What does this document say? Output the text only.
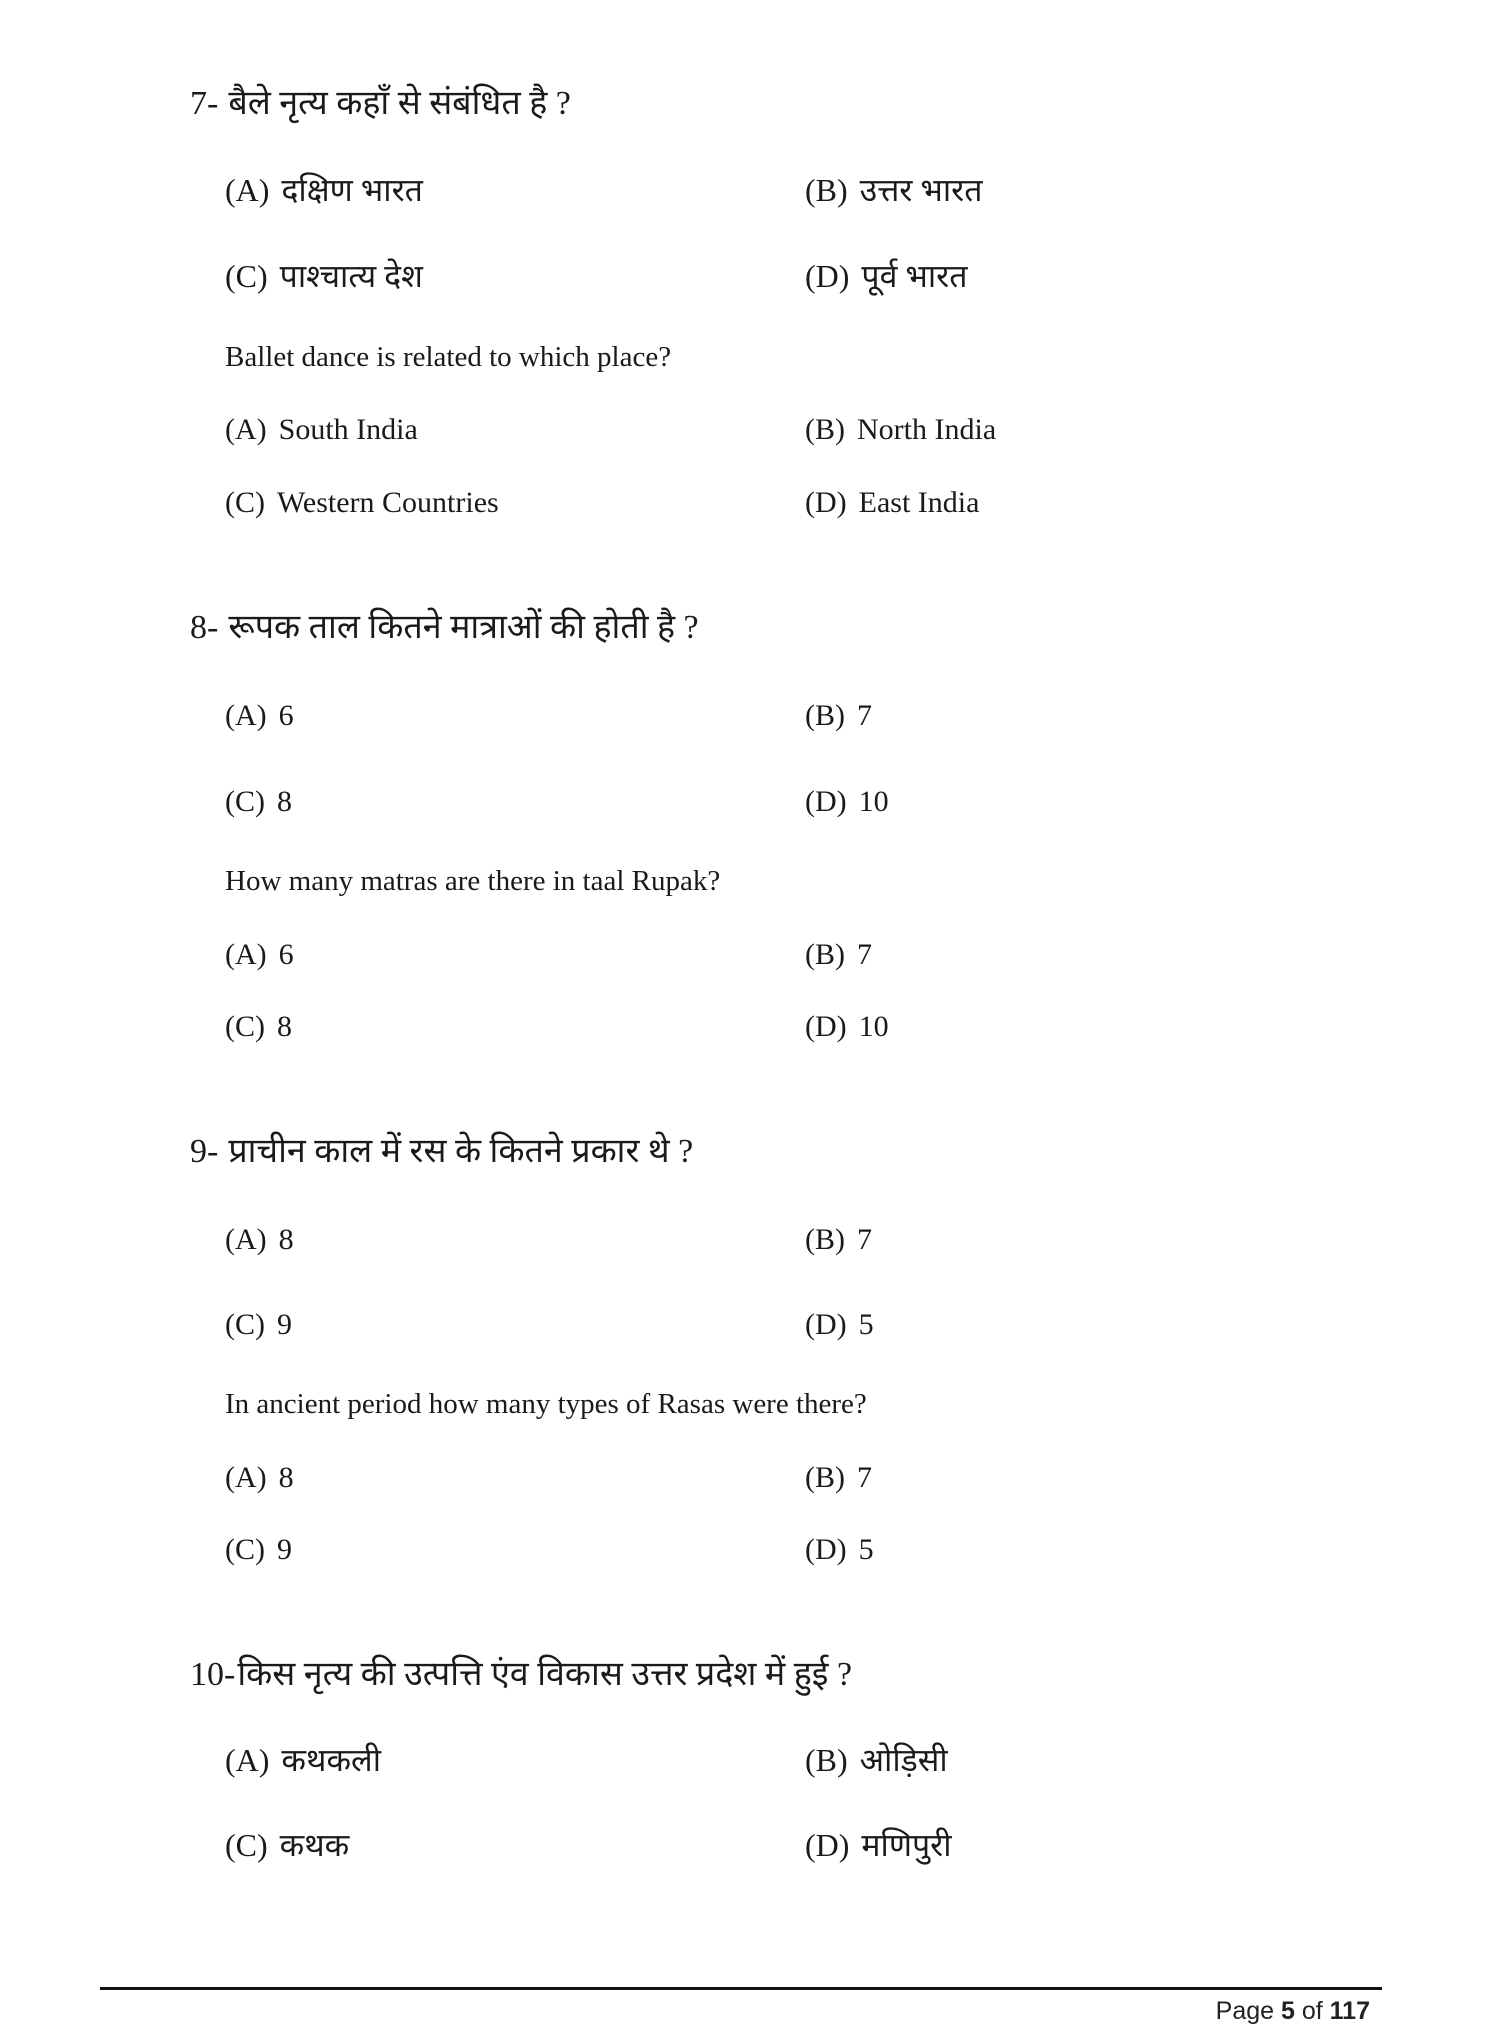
7- बैले नृत्य कहाँ से संबंधित है ?
(A) दक्षिण भारत	(B) उत्तर भारत
(C) पाश्चात्य देश	(D) पूर्व भारत
Ballet dance is related to which place?
(A) South India	(B) North India
(C) Western Countries	(D) East India
8- रूपक ताल कितने मात्राओं की होती है ?
(A) 6	(B) 7
(C) 8	(D) 10
How many matras are there in taal Rupak?
(A) 6	(B) 7
(C) 8	(D) 10
9- प्राचीन काल में रस के कितने प्रकार थे ?
(A) 8	(B) 7
(C) 9	(D) 5
In ancient period how many types of Rasas were there?
(A) 8	(B) 7
(C) 9	(D) 5
10-किस नृत्य की उत्पत्ति एंव विकास उत्तर प्रदेश में हुई ?
(A) कथकली	(B) ओड़िसी
(C) कथक	(D) मणिपुरी
Page 5 of 117
